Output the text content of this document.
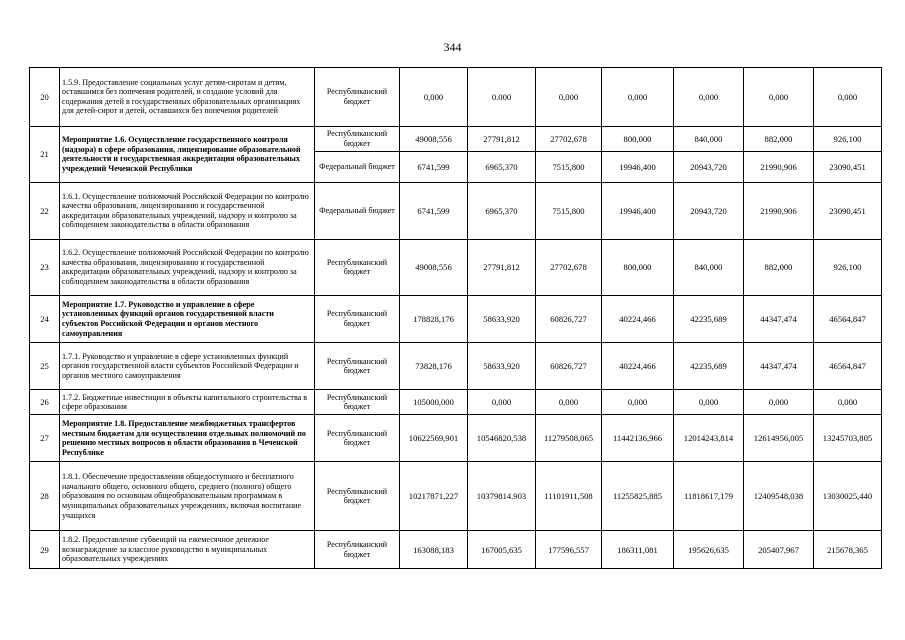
344
20	1.5.9. Предоставление социальных услуг детям-сиротам и детям, оставшимся без попечения родителей, и создание условий для содержания детей в государственных образовательных организациях для детей-сирот и детей, оставшихся без попечения родителей	Республиканский бюджет	0,000	0.000	0,000	0,000	0,000	0,000	0,000
21	Мероприятие 1.6. Осуществление государственного контроля (надзора) в сфере образования, лицензирование образовательной деятельности и государственная аккредитация образовательных учреждений Чеченской Республики	Республиканский бюджет	49008,556	27791,812	27702,678	800,000	840,000	882,000	926,100
		Федеральный бюджет	6741,599	6965,370	7515,800	19946,400	20943,720	21990,906	23090,451
22	1.6.1. Осуществление полномочий Российской Федерации по контролю качества образования, лицензированию и государственной аккредитации образовательных учреждений, надзору и контролю за соблюдением законодательства в области образования	Федеральный бюджет	6741,599	6965,370	7515,800	19946,400	20943,720	21990,906	23090,451
23	1.6.2. Осуществление полномочий Российской Федерации по контролю качества образования, лицензированию и государственной аккредитации образовательных учреждений, надзору и контролю за соблюдением законодательства в области образования	Республиканский бюджет	49008,556	27791,812	27702,678	800,000	840,000	882,000	926,100
24	Мероприятие 1.7. Руководство и управление в сфере установленных функций органов государственной власти субъектов Российской Федерации и органов местного самоуправления	Республиканский бюджет	178828,176	58633,920	60826,727	40224,466	42235,689	44347,474	46564,847
25	1.7.1. Руководство и управление в сфере установленных функций органов государственной власти субъектов Российской Федерации и органов местного самоуправления	Республиканский бюджет	73828,176	58633,920	60826,727	40224,466	42235,689	44347,474	46564,847
26	1.7.2. Бюджетные инвестиции в объекты капитального строительства в сфере образования	Республиканский бюджет	105000,000	0,000	0,000	0,000	0,000	0,000	0,000
27	Мероприятие 1.8. Предоставление межбюджетных трансфертов местным бюджетам для осуществления отдельных полномочий по решению местных вопросов в области образования в Чеченской Республике	Республиканский бюджет	10622569,901	10546820,538	11279508,065	11442136,966	12014243,814	12614956,005	13245703,805
28	1.8.1. Обеспечение предоставления общедоступного и бесплатного начального общего, основного общего, среднего (полного) общего образования по основным общеобразовательным программам в муниципальных образовательных учреждениях, включая воспитание учащихся	Республиканский бюджет	10217871,227	10379814.903	11101911,508	11255825,885	11818617,179	12409548,038	13030025,440
29	1.8.2. Предоставление субвенций на ежемесячное денежное вознаграждение за классное руководство в муниципальных образовательных учреждениях	Республиканский бюджет	163088,183	167005,635	177596,557	186311,081	195626,635	205407,967	215678,365
